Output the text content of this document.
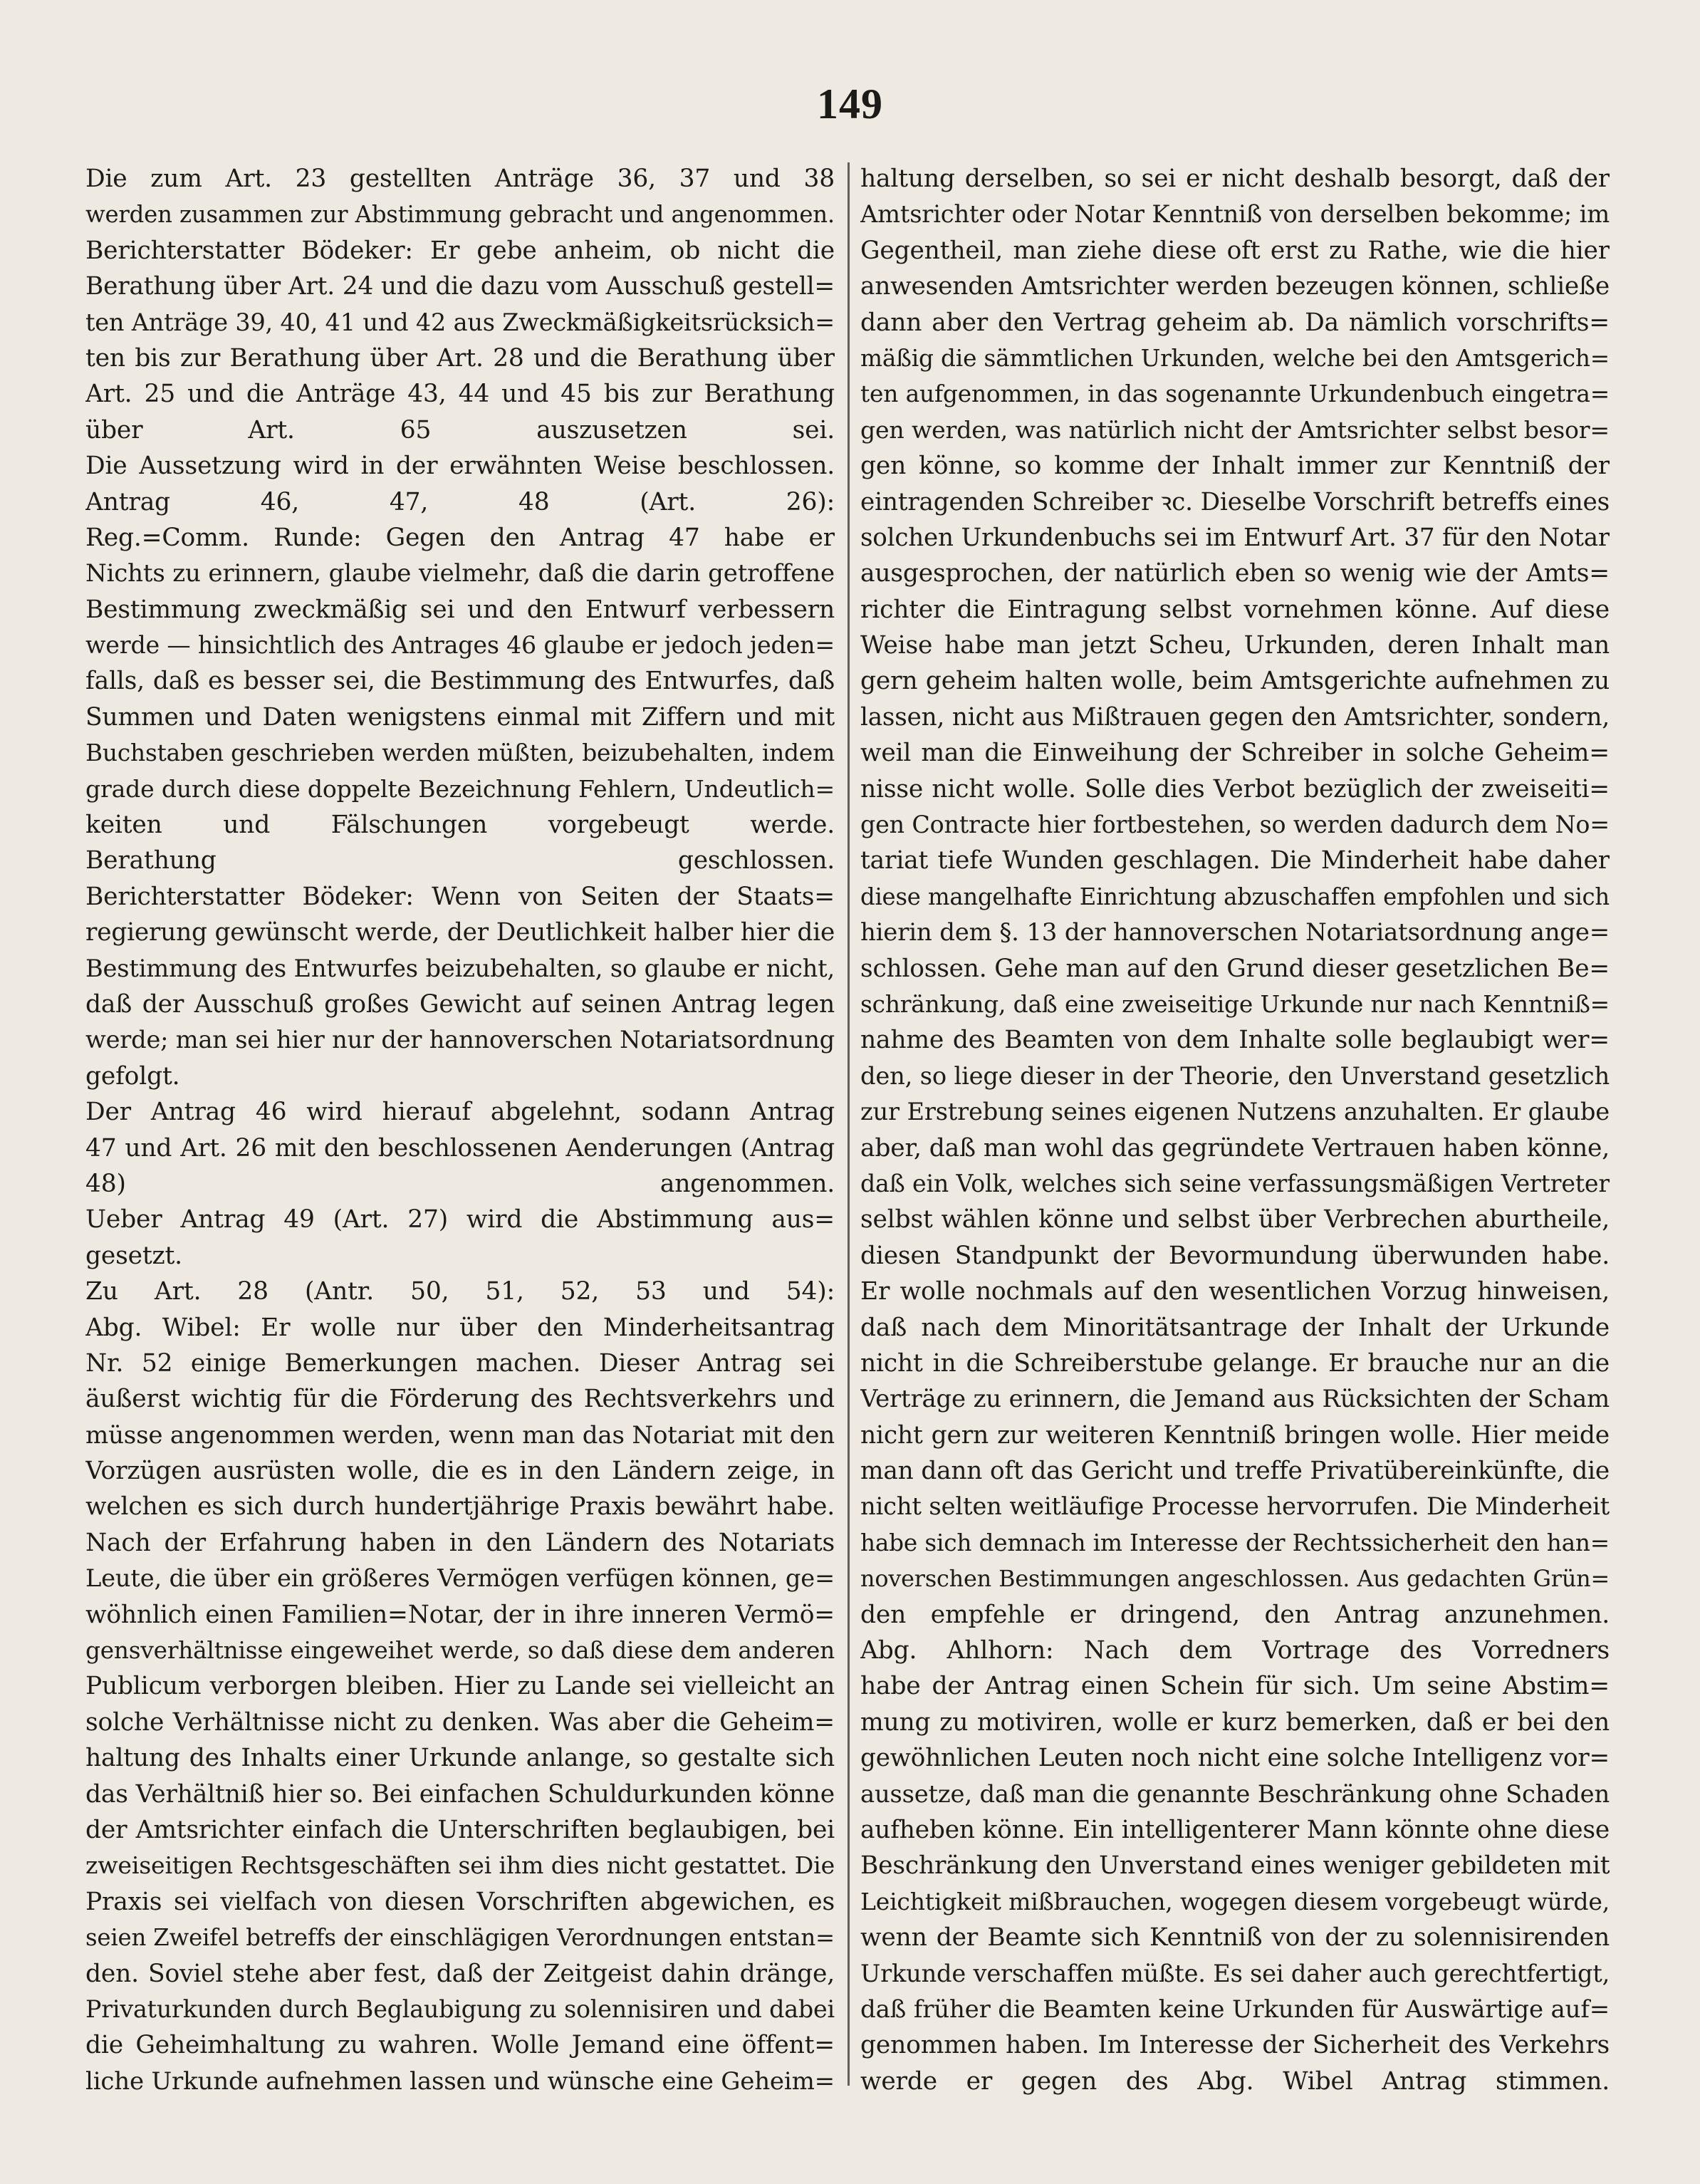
149
Die zum Art. 23 gestellten Anträge 36, 37 und 38
werden zusammen zur Abstimmung gebracht und angenommen.
Berichterstatter Bödeker: Er gebe anheim, ob nicht die
Berathung über Art. 24 und die dazu vom Ausschuß gestell=
ten Anträge 39, 40, 41 und 42 aus Zweckmäßigkeitsrücksich=
ten bis zur Berathung über Art. 28 und die Berathung über
Art. 25 und die Anträge 43, 44 und 45 bis zur Berathung
über Art. 65 auszusetzen sei.
Die Aussetzung wird in der erwähnten Weise beschlossen.
Antrag 46, 47, 48 (Art. 26):
Reg.=Comm. Runde: Gegen den Antrag 47 habe er
Nichts zu erinnern, glaube vielmehr, daß die darin getroffene
Bestimmung zweckmäßig sei und den Entwurf verbessern
werde — hinsichtlich des Antrages 46 glaube er jedoch jeden=
falls, daß es besser sei, die Bestimmung des Entwurfes, daß
Summen und Daten wenigstens einmal mit Ziffern und mit
Buchstaben geschrieben werden müßten, beizubehalten, indem
grade durch diese doppelte Bezeichnung Fehlern, Undeutlich=
keiten und Fälschungen vorgebeugt werde.
Berathung geschlossen.
Berichterstatter Bödeker: Wenn von Seiten der Staats=
regierung gewünscht werde, der Deutlichkeit halber hier die
Bestimmung des Entwurfes beizubehalten, so glaube er nicht,
daß der Ausschuß großes Gewicht auf seinen Antrag legen
werde; man sei hier nur der hannoverschen Notariatsordnung
gefolgt.
Der Antrag 46 wird hierauf abgelehnt, sodann Antrag
47 und Art. 26 mit den beschlossenen Aenderungen (Antrag
48) angenommen.
Ueber Antrag 49 (Art. 27) wird die Abstimmung aus=
gesetzt.
Zu Art. 28 (Antr. 50, 51, 52, 53 und 54):
Abg. Wibel: Er wolle nur über den Minderheitsantrag
Nr. 52 einige Bemerkungen machen. Dieser Antrag sei
äußerst wichtig für die Förderung des Rechtsverkehrs und
müsse angenommen werden, wenn man das Notariat mit den
Vorzügen ausrüsten wolle, die es in den Ländern zeige, in
welchen es sich durch hundertjährige Praxis bewährt habe.
Nach der Erfahrung haben in den Ländern des Notariats
Leute, die über ein größeres Vermögen verfügen können, ge=
wöhnlich einen Familien=Notar, der in ihre inneren Vermö=
gensverhältnisse eingeweihet werde, so daß diese dem anderen
Publicum verborgen bleiben. Hier zu Lande sei vielleicht an
solche Verhältnisse nicht zu denken. Was aber die Geheim=
haltung des Inhalts einer Urkunde anlange, so gestalte sich
das Verhältniß hier so. Bei einfachen Schuldurkunden könne
der Amtsrichter einfach die Unterschriften beglaubigen, bei
zweiseitigen Rechtsgeschäften sei ihm dies nicht gestattet. Die
Praxis sei vielfach von diesen Vorschriften abgewichen, es
seien Zweifel betreffs der einschlägigen Verordnungen entstan=
den. Soviel stehe aber fest, daß der Zeitgeist dahin dränge,
Privaturkunden durch Beglaubigung zu solennisiren und dabei
die Geheimhaltung zu wahren. Wolle Jemand eine öffent=
liche Urkunde aufnehmen lassen und wünsche eine Geheim=
haltung derselben, so sei er nicht deshalb besorgt, daß der
Amtsrichter oder Notar Kenntniß von derselben bekomme; im
Gegentheil, man ziehe diese oft erst zu Rathe, wie die hier
anwesenden Amtsrichter werden bezeugen können, schließe
dann aber den Vertrag geheim ab. Da nämlich vorschrifts=
mäßig die sämmtlichen Urkunden, welche bei den Amtsgerich=
ten aufgenommen, in das sogenannte Urkundenbuch eingetra=
gen werden, was natürlich nicht der Amtsrichter selbst besor=
gen könne, so komme der Inhalt immer zur Kenntniß der
eintragenden Schreiber ꝛc. Dieselbe Vorschrift betreffs eines
solchen Urkundenbuchs sei im Entwurf Art. 37 für den Notar
ausgesprochen, der natürlich eben so wenig wie der Amts=
richter die Eintragung selbst vornehmen könne. Auf diese
Weise habe man jetzt Scheu, Urkunden, deren Inhalt man
gern geheim halten wolle, beim Amtsgerichte aufnehmen zu
lassen, nicht aus Mißtrauen gegen den Amtsrichter, sondern,
weil man die Einweihung der Schreiber in solche Geheim=
nisse nicht wolle. Solle dies Verbot bezüglich der zweiseiti=
gen Contracte hier fortbestehen, so werden dadurch dem No=
tariat tiefe Wunden geschlagen. Die Minderheit habe daher
diese mangelhafte Einrichtung abzuschaffen empfohlen und sich
hierin dem §. 13 der hannoverschen Notariatsordnung ange=
schlossen. Gehe man auf den Grund dieser gesetzlichen Be=
schränkung, daß eine zweiseitige Urkunde nur nach Kenntniß=
nahme des Beamten von dem Inhalte solle beglaubigt wer=
den, so liege dieser in der Theorie, den Unverstand gesetzlich
zur Erstrebung seines eigenen Nutzens anzuhalten. Er glaube
aber, daß man wohl das gegründete Vertrauen haben könne,
daß ein Volk, welches sich seine verfassungsmäßigen Vertreter
selbst wählen könne und selbst über Verbrechen aburtheile,
diesen Standpunkt der Bevormundung überwunden habe.
Er wolle nochmals auf den wesentlichen Vorzug hinweisen,
daß nach dem Minoritätsantrage der Inhalt der Urkunde
nicht in die Schreiberstube gelange. Er brauche nur an die
Verträge zu erinnern, die Jemand aus Rücksichten der Scham
nicht gern zur weiteren Kenntniß bringen wolle. Hier meide
man dann oft das Gericht und treffe Privatübereinkünfte, die
nicht selten weitläufige Processe hervorrufen. Die Minderheit
habe sich demnach im Interesse der Rechtssicherheit den han=
noverschen Bestimmungen angeschlossen. Aus gedachten Grün=
den empfehle er dringend, den Antrag anzunehmen.
Abg. Ahlhorn: Nach dem Vortrage des Vorredners
habe der Antrag einen Schein für sich. Um seine Abstim=
mung zu motiviren, wolle er kurz bemerken, daß er bei den
gewöhnlichen Leuten noch nicht eine solche Intelligenz vor=
aussetze, daß man die genannte Beschränkung ohne Schaden
aufheben könne. Ein intelligenterer Mann könnte ohne diese
Beschränkung den Unverstand eines weniger gebildeten mit
Leichtigkeit mißbrauchen, wogegen diesem vorgebeugt würde,
wenn der Beamte sich Kenntniß von der zu solennisirenden
Urkunde verschaffen müßte. Es sei daher auch gerechtfertigt,
daß früher die Beamten keine Urkunden für Auswärtige auf=
genommen haben. Im Interesse der Sicherheit des Verkehrs
werde er gegen des Abg. Wibel Antrag stimmen.
